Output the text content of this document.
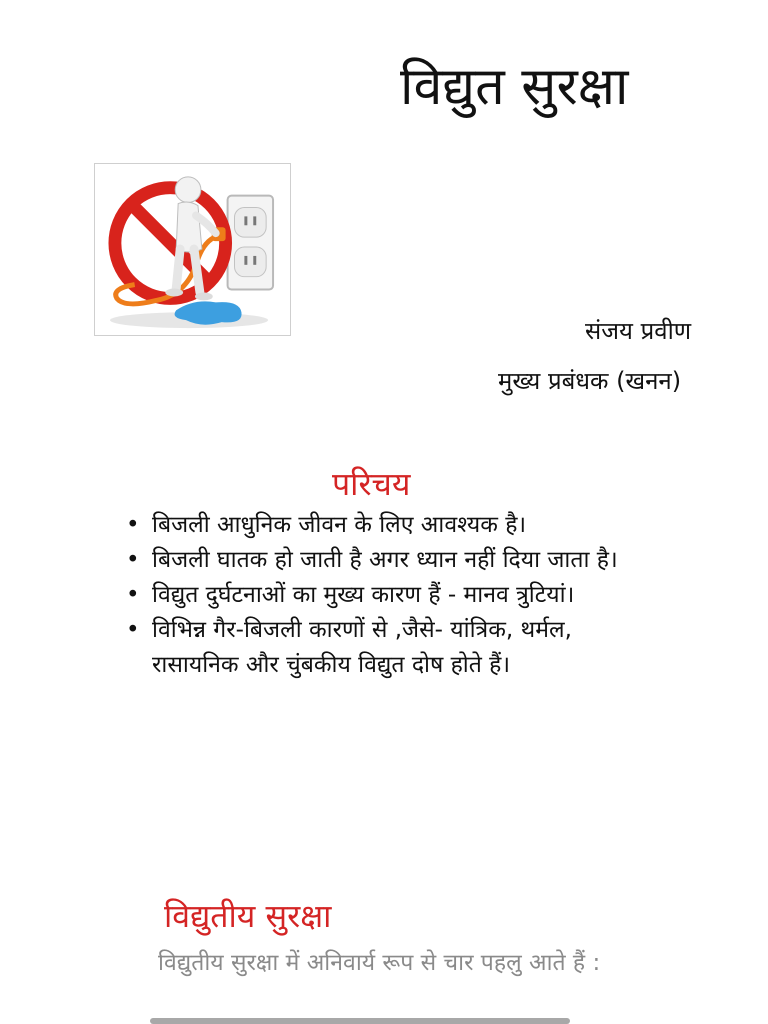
विद्युत सुरक्षा
संजय प्रवीण
मुख्य प्रबंधक (खनन)
परिचय
• बिजली आधुनिक जीवन के लिए आवश्यक है।
• बिजली घातक हो जाती है अगर ध्यान नहीं दिया जाता है।
• विद्युत दुर्घटनाओं का मुख्य कारण हैं - मानव त्रुटियां।
• विभिन्न गैर-बिजली कारणों से ,जैसे- यांत्रिक, थर्मल, रासायनिक और चुंबकीय विद्युत दोष होते हैं।
विद्युतीय सुरक्षा
विद्युतीय सुरक्षा में अनिवार्य रूप से चार पहलु आते हैं :
